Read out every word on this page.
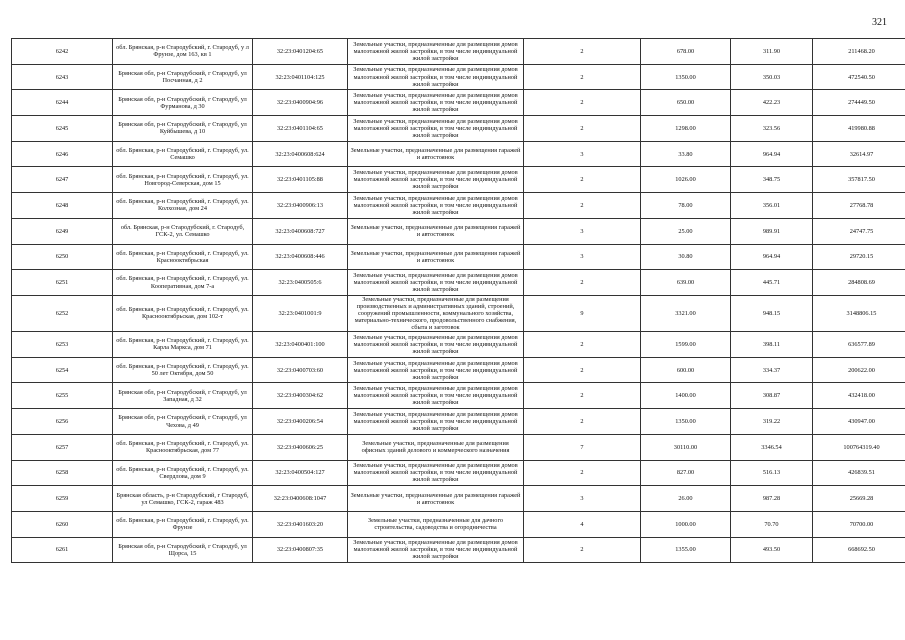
321
6242	обл. Брянская, р-н Стародубский, г. Стародуб, у л Фрунзе, дом 163, кв 1	32:23:0401204:65	Земельные участки, предназначенные для размещения домов малоэтажной жилой застройки, в том числе индивидуальной жилой застройки	2	678.00	311.90	211468.20
6243	Брянская обл, р-н Стародубский, г Стародуб, ул Посчанная, д 2	32:23:0401104:125	Земельные участки, предназначенные для размещения домов малоэтажной жилой застройки, в том числе индивидуальной жилой застройки	2	1350.00	350.03	472540.50
6244	Брянская обл, р-н Стародубский, г Стародуб, ул Фурманова, д 30	32:23:0400904:96	Земельные участки, предназначенные для размещения домов малоэтажной жилой застройки, в том числе индивидуальной жилой застройки	2	650.00	422.23	274449.50
6245	Брянская обл, р-н Стародубский, г Стародуб, ул Куйбышева, д 10	32:23:0401104:65	Земельные участки, предназначенные для размещения домов малоэтажной жилой застройки, в том числе индивидуальной жилой застройки	2	1298.00	323.56	419980.88
6246	обл. Брянская, р-н Стародубский, г. Стародуб, ул. Семашко	32:23:0400608:624	Земельные участки, предназначенные для размещения гаражей и автостоянок	3	33.80	964.94	32614.97
6247	обл. Брянская, р-н Стародубский, г. Стародуб, ул. Новгород-Северская, дом 15	32:23:0401105:88	Земельные участки, предназначенные для размещения домов малоэтажной жилой застройки, в том числе индивидуальной жилой застройки	2	1026.00	348.75	357817.50
6248	обл. Брянская, р-н Стародубский, г. Стародуб, ул. Колхозная, дом 24	32:23:0400906:13	Земельные участки, предназначенные для размещения домов малоэтажной жилой застройки, в том числе индивидуальной жилой застройки	2	78.00	356.01	27768.78
6249	обл. Брянская, р-н Стародубский, г. Стародуб, ГСК-2, ул. Семашко	32:23:0400608:727	Земельные участки, предназначенные для размещения гаражей и автостоянок	3	25.00	989.91	24747.75
6250	обл. Брянская, р-н Стародубский, г. Стародуб, ул. Краснооктябрьская	32:23:0400608:446	Земельные участки, предназначенные для размещения гаражей и автостоянок	3	30.80	964.94	29720.15
6251	обл. Брянская, р-н Стародубский, г. Стародуб, ул. Кооперативная, дом 7-а	32:23:0400505:6	Земельные участки, предназначенные для размещения домов малоэтажной жилой застройки, в том числе индивидуальной жилой застройки	2	639.00	445.71	284808.69
6252	обл. Брянская, р-н Стародубский, г. Стародуб, ул. Краснооктябрьская, дом 102-т	32:23:0401001:9	Земельные участки, предназначенные для размещения производственных и административных зданий, строений, сооружений промышленности, коммунального хозяйства, материально-технического, продовольственного снабжения, сбыта и заготовок	9	3321.00	948.15	3148806.15
6253	обл. Брянская, р-н Стародубский, г. Стародуб, ул. Карла Маркса, дом 71	32:23:0400401:100	Земельные участки, предназначенные для размещения домов малоэтажной жилой застройки, в том числе индивидуальной жилой застройки	2	1599.00	398.11	636577.89
6254	обл. Брянская, р-н Стародубский, г. Стародуб, ул. 50 лет Октября, дом 50	32:23:0400703:60	Земельные участки, предназначенные для размещения домов малоэтажной жилой застройки, в том числе индивидуальной жилой застройки	2	600.00	334.37	200622.00
6255	Брянская обл, р-н Стародубский, г Стародуб, ул Западная, д 32	32:23:0400304:62	Земельные участки, предназначенные для размещения домов малоэтажной жилой застройки, в том числе индивидуальной жилой застройки	2	1400.00	308.87	432418.00
6256	Брянская обл, р-н Стародубский, г Стародуб, ул Чехова, д 49	32:23:0400206:54	Земельные участки, предназначенные для размещения домов малоэтажной жилой застройки, в том числе индивидуальной жилой застройки	2	1350.00	319.22	430947.00
6257	обл. Брянская, р-н Стародубский, г. Стародуб, ул. Краснооктябрьская, дом 77	32:23:0400606:25	Земельные участки, предназначенные для размещения офисных зданий делового и коммерческого назначения	7	30110.00	3346.54	100764319.40
6258	обл. Брянская, р-н Стародубский, г. Стародуб, ул. Свердлова, дом 9	32:23:0400504:127	Земельные участки, предназначенные для размещения домов малоэтажной жилой застройки, в том числе индивидуальной жилой застройки	2	827.00	516.13	426839.51
6259	Брянская область, р-н Стародубский, г Стародуб, ул Семашко, ГСК-2, гараж 483	32:23:0400608:1047	Земельные участки, предназначенные для размещения гаражей и автостоянок	3	26.00	987.28	25669.28
6260	обл. Брянская, р-н Стародубский, г. Стародуб, ул. Фрунзе	32:23:0401603:20	Земельные участки, предназначенные для дачного строительства, садоводства и огородничества	4	1000.00	70.70	70700.00
6261	Брянская обл, р-н Стародубский, г Стародуб, ул Щорса, 15	32:23:0400807:35	Земельные участки, предназначенные для размещения домов малоэтажной жилой застройки, в том числе индивидуальной жилой застройки	2	1355.00	493.50	668692.50
